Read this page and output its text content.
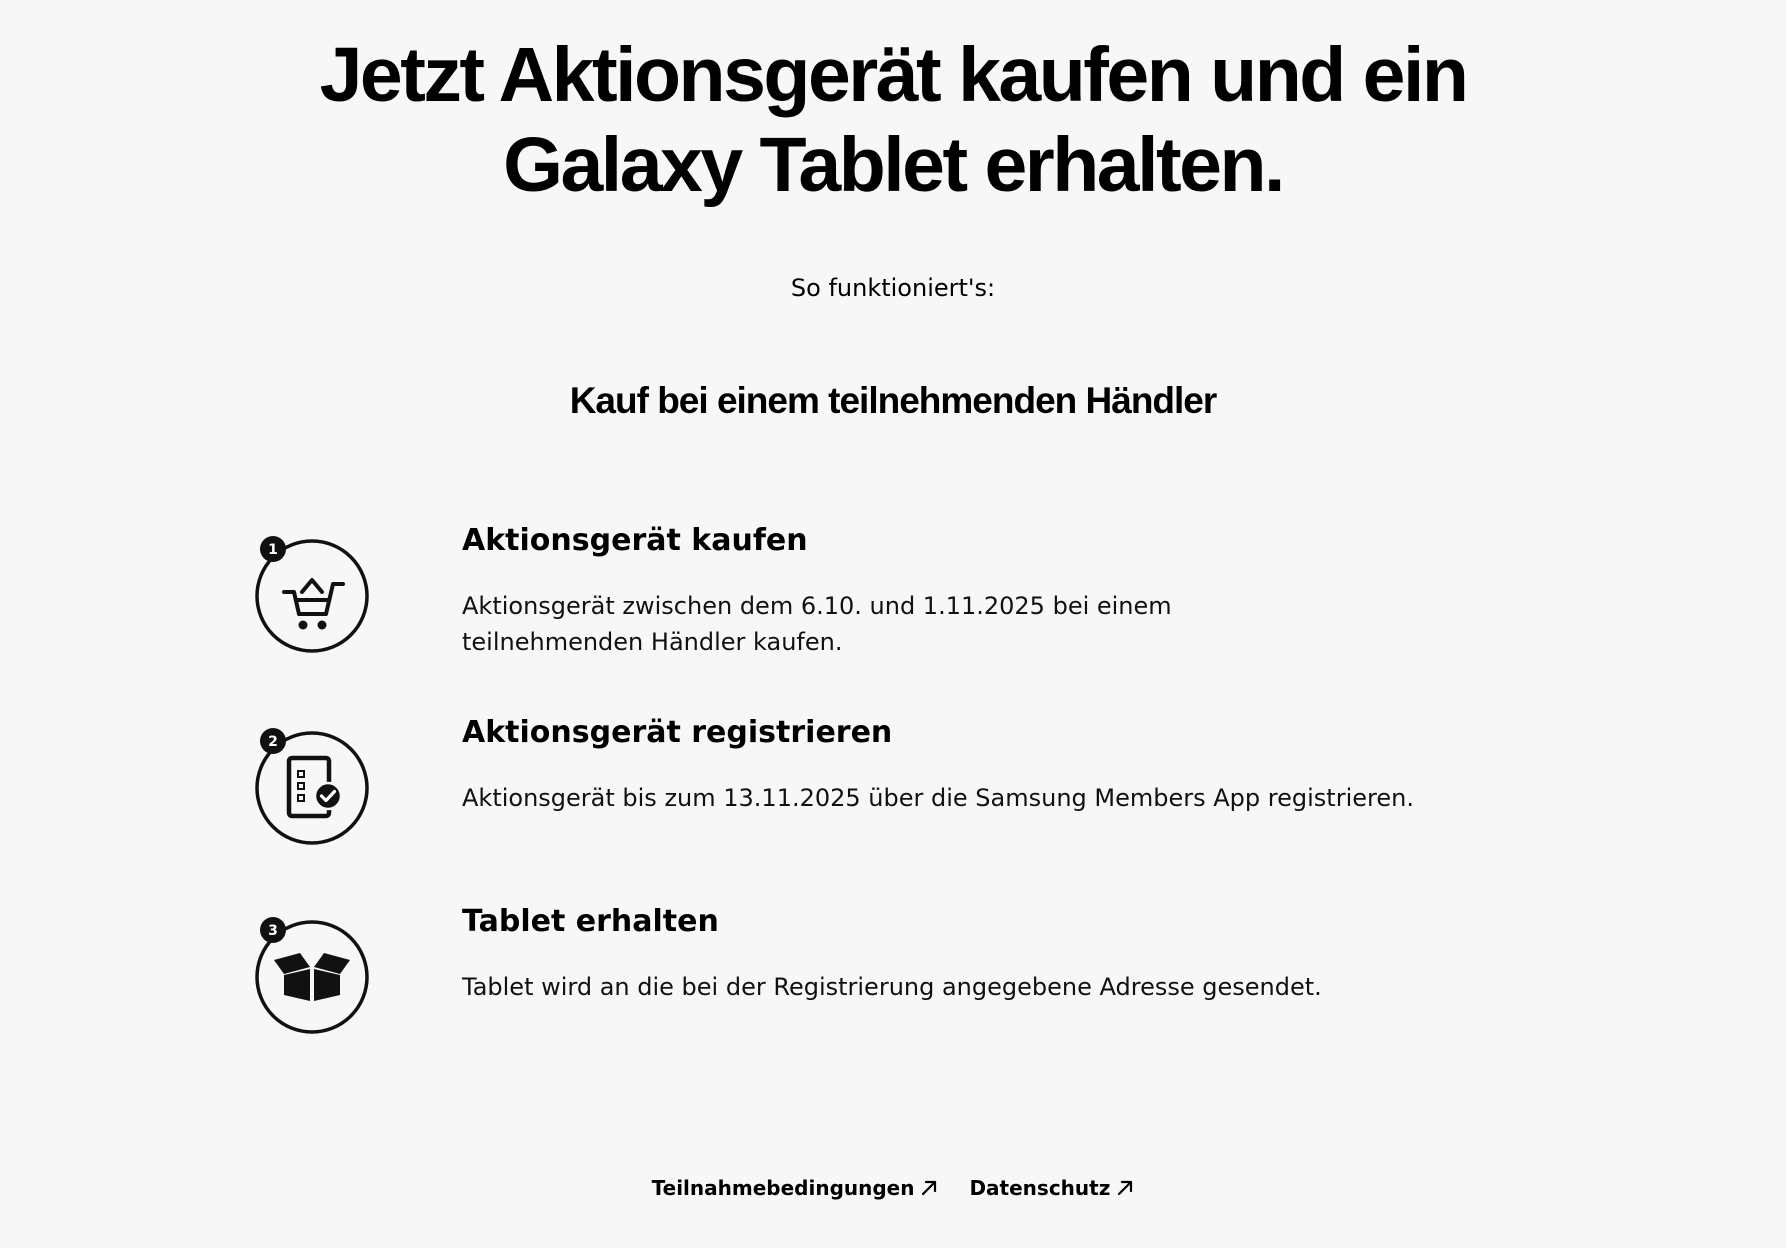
Jetzt Aktionsgerät kaufen und ein
Galaxy Tablet erhalten.
So funktioniert's:
Kauf bei einem teilnehmenden Händler
1	Aktionsgerät kaufen

Aktionsgerät zwischen dem 6.10. und 1.11.2025 bei einem teilnehmenden Händler kaufen.

2	Aktionsgerät registrieren

Aktionsgerät bis zum 13.11.2025 über die Samsung Members App registrieren.

3	Tablet erhalten

Tablet wird an die bei der Registrierung angegebene Adresse gesendet.

Teilnahmebedingungen	Datenschutz
